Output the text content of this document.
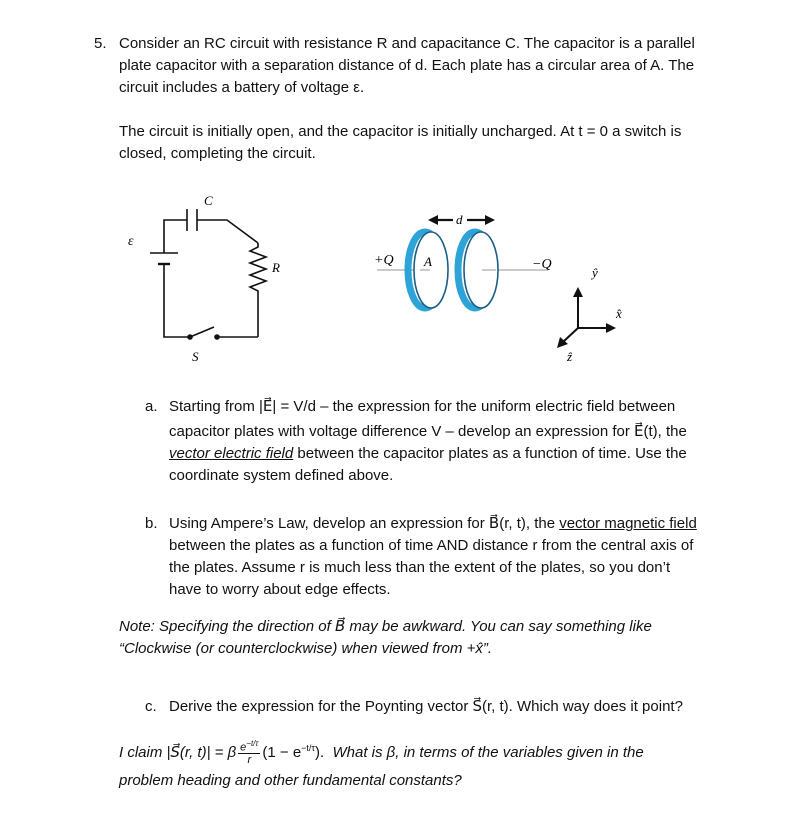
5. Consider an RC circuit with resistance R and capacitance C. The capacitor is a parallel
plate capacitor with a separation distance of d. Each plate has a circular area of A. The
circuit includes a battery of voltage ε.
The circuit is initially open, and the capacitor is initially uncharged. At t = 0 a switch is
closed, completing the circuit.
C
ε
R
S
d
+Q A	−Q
ŷ
x̂
ẑ
a. Starting from |E⃗| = V/d – the expression for the uniform electric field between
capacitor plates with voltage difference V – develop an expression for E⃗(t), the
vector electric field between the capacitor plates as a function of time. Use the
coordinate system defined above.
b. Using Ampere’s Law, develop an expression for B⃗(r, t), the vector magnetic field
between the plates as a function of time AND distance r from the central axis of
the plates. Assume r is much less than the extent of the plates, so you don’t
have to worry about edge effects.
Note: Specifying the direction of B⃗ may be awkward. You can say something like
“Clockwise (or counterclockwise) when viewed from +x̂”.
c. Derive the expression for the Poynting vector S⃗(r, t). Which way does it point?
I claim |S⃗(r, t)| = β $\frac{e^{-t/\tau}}{r} (1 - e^{-t/\tau})$. What is β, in terms of the variables given in the
problem heading and other fundamental constants?
